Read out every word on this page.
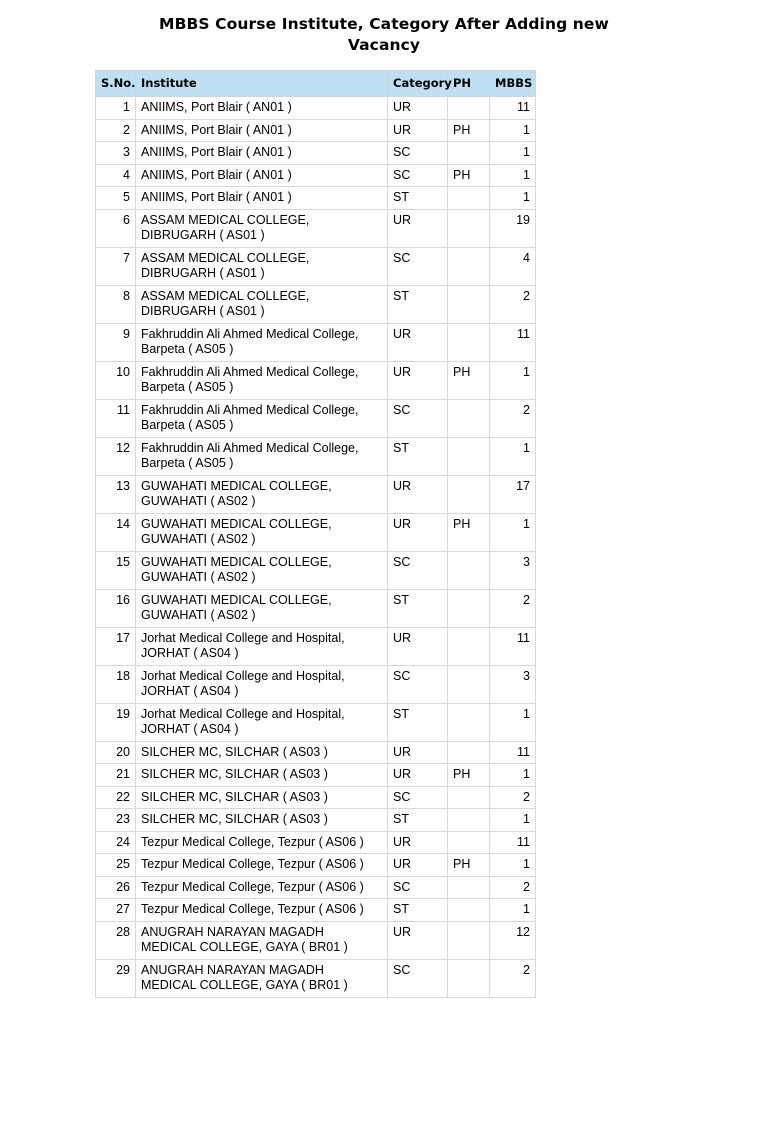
MBBS Course Institute, Category After Adding new Vacancy
S.No.	Institute	Category	PH	MBBS
1	ANIIMS, Port Blair ( AN01 )	UR		11
2	ANIIMS, Port Blair ( AN01 )	UR	PH	1
3	ANIIMS, Port Blair ( AN01 )	SC		1
4	ANIIMS, Port Blair ( AN01 )	SC	PH	1
5	ANIIMS, Port Blair ( AN01 )	ST		1
6	ASSAM MEDICAL COLLEGE, DIBRUGARH ( AS01 )	UR		19
7	ASSAM MEDICAL COLLEGE, DIBRUGARH ( AS01 )	SC		4
8	ASSAM MEDICAL COLLEGE, DIBRUGARH ( AS01 )	ST		2
9	Fakhruddin Ali Ahmed Medical College, Barpeta ( AS05 )	UR		11
10	Fakhruddin Ali Ahmed Medical College, Barpeta ( AS05 )	UR	PH	1
11	Fakhruddin Ali Ahmed Medical College, Barpeta ( AS05 )	SC		2
12	Fakhruddin Ali Ahmed Medical College, Barpeta ( AS05 )	ST		1
13	GUWAHATI MEDICAL COLLEGE, GUWAHATI ( AS02 )	UR		17
14	GUWAHATI MEDICAL COLLEGE, GUWAHATI ( AS02 )	UR	PH	1
15	GUWAHATI MEDICAL COLLEGE, GUWAHATI ( AS02 )	SC		3
16	GUWAHATI MEDICAL COLLEGE, GUWAHATI ( AS02 )	ST		2
17	Jorhat Medical College and Hospital, JORHAT ( AS04 )	UR		11
18	Jorhat Medical College and Hospital, JORHAT ( AS04 )	SC		3
19	Jorhat Medical College and Hospital, JORHAT ( AS04 )	ST		1
20	SILCHER MC, SILCHAR ( AS03 )	UR		11
21	SILCHER MC, SILCHAR ( AS03 )	UR	PH	1
22	SILCHER MC, SILCHAR ( AS03 )	SC		2
23	SILCHER MC, SILCHAR ( AS03 )	ST		1
24	Tezpur Medical College, Tezpur ( AS06 )	UR		11
25	Tezpur Medical College, Tezpur ( AS06 )	UR	PH	1
26	Tezpur Medical College, Tezpur ( AS06 )	SC		2
27	Tezpur Medical College, Tezpur ( AS06 )	ST		1
28	ANUGRAH NARAYAN MAGADH MEDICAL COLLEGE, GAYA ( BR01 )	UR		12
29	ANUGRAH NARAYAN MAGADH MEDICAL COLLEGE, GAYA ( BR01 )	SC		2
